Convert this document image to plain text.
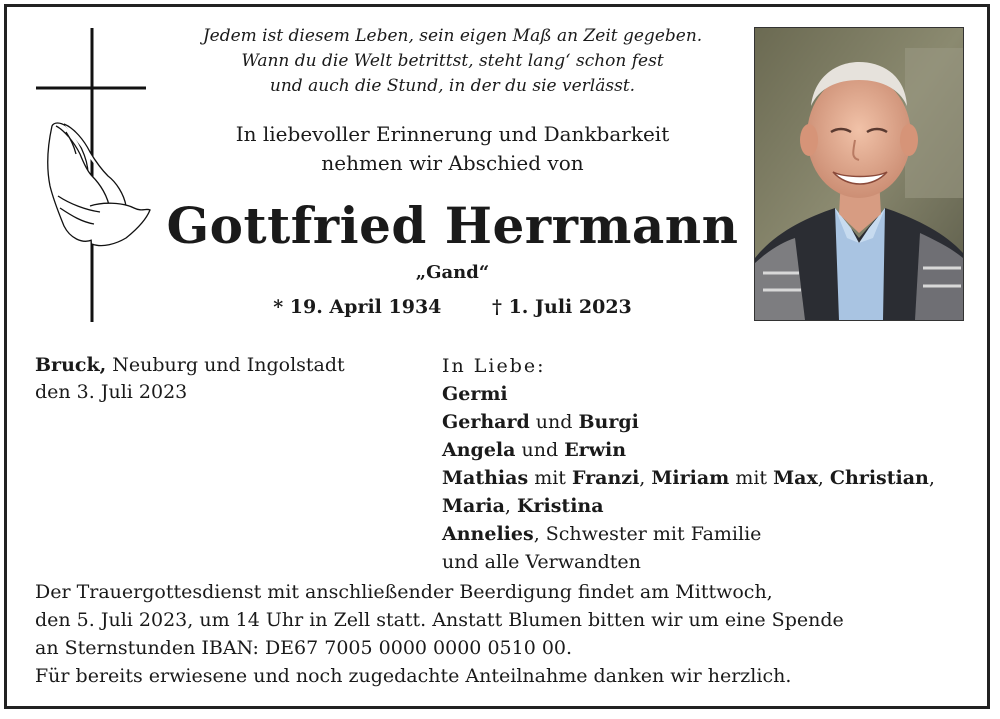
Jedem ist diesem Leben, sein eigen Maß an Zeit gegeben.
Wann du die Welt betrittst, steht lang‘ schon fest
und auch die Stund, in der du sie verlässt.
In liebevoller Erinnerung und Dankbarkeit
nehmen wir Abschied von
Gottfried Herrmann
„Gand“
* 19. April 1934	† 1. Juli 2023
Bruck, Neuburg und Ingolstadt
den 3. Juli 2023
In Liebe:
Germi
Gerhard und Burgi
Angela und Erwin
Mathias mit Franzi, Miriam mit Max, Christian,
Maria, Kristina
Annelies, Schwester mit Familie
und alle Verwandten
Der Trauergottesdienst mit anschließender Beerdigung findet am Mittwoch,
den 5. Juli 2023, um 14 Uhr in Zell statt. Anstatt Blumen bitten wir um eine Spende
an Sternstunden IBAN: DE67 7005 0000 0000 0510 00.
Für bereits erwiesene und noch zugedachte Anteilnahme danken wir herzlich.
